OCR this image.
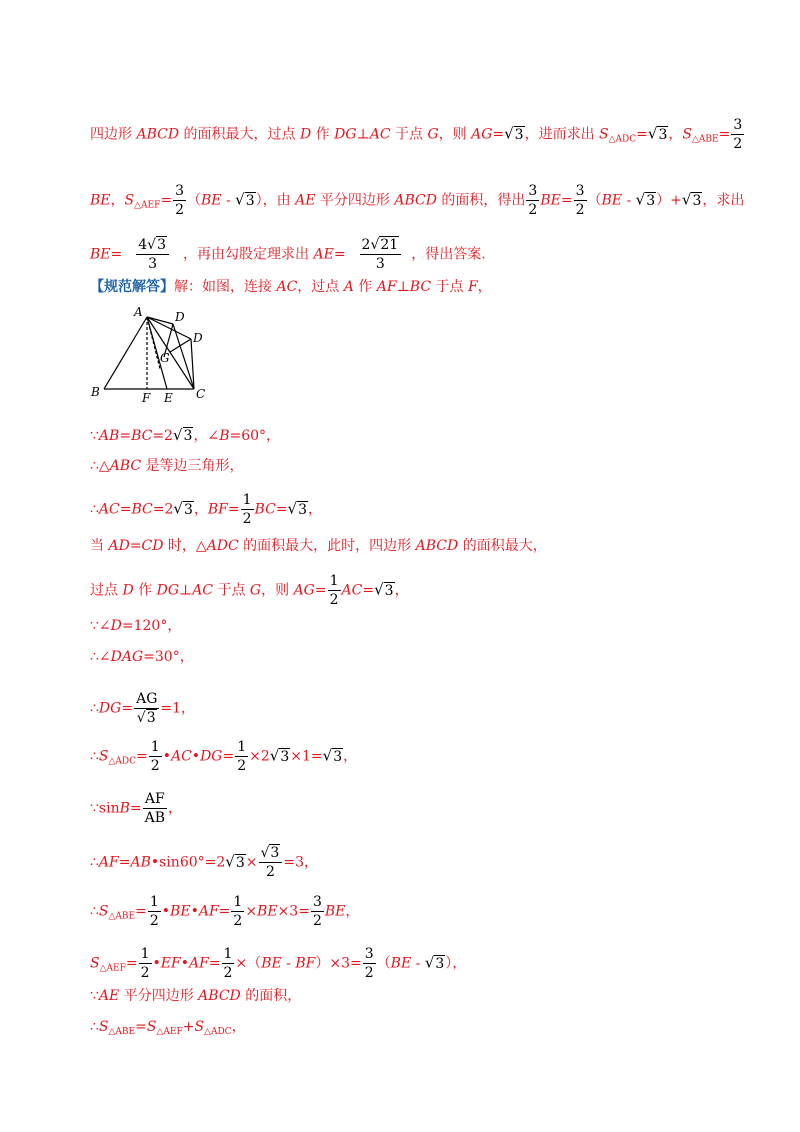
四边形 ABCD 的面积最大，过点 D 作 DG⊥AC 于点 G，则 AG=√3，进而求出 $S_{\triangle ADC}=√3$，$S_{\triangle ABE}= \frac{3}{2}$
BE，$S_{\triangle AEF}= \frac{3}{2} (BE - √3)$，由 AE 平分四边形 ABCD 的面积，得出 $\frac{3}{2} BE= \frac{3}{2} (BE - √3)+√3$，求出
$BE= \frac{4√3}{3}$ ，再由勾股定理求出 $AE= \frac{2√21}{3}$ ，得出答案.
【规范解答】解：如图，连接 AC，过点 A 作 AF⊥BC 于点 F，
A	D
D
G
B	F E C
∵AB=BC=2√3，∠B=60°，
∴△ABC 是等边三角形，
∴AC=BC=2√3，$BF= \frac{1}{2} BC=√3$，
当 AD=CD 时，△ADC 的面积最大，此时，四边形 ABCD 的面积最大，
过点 D 作 DG⊥AC 于点 G，则 $AG= \frac{1}{2} AC=√3$，
∵∠D=120°，
∴∠DAG=30°，
∴DG= $\frac{AG}{√3} =1$，
$\therefore S_{\triangle ADC}= \frac{1}{2}$ •AC•DG= $\frac{1}{2} \times 2√3\times 1=√3$，
∵sinB= $\frac{AF}{AB}$ ，
∴AF=AB•sin60°=2√3× $\frac{√3}{2} =3$，
$\therefore S_{\triangle ABE}= \frac{1}{2}$ •BE•AF= $\frac{1}{2} \times BE\times 3= \frac{3}{2}$ BE，
$S_{\triangle AEF}= \frac{1}{2}$ •EF•AF= $\frac{1}{2} \times(BE - BF)\times 3= \frac{3}{2} (BE - √3)$，
∵AE 平分四边形 ABCD 的面积，
$\therefore S_{\triangle ABE}=S_{\triangle AEF}+S_{\triangle ADC}$，
